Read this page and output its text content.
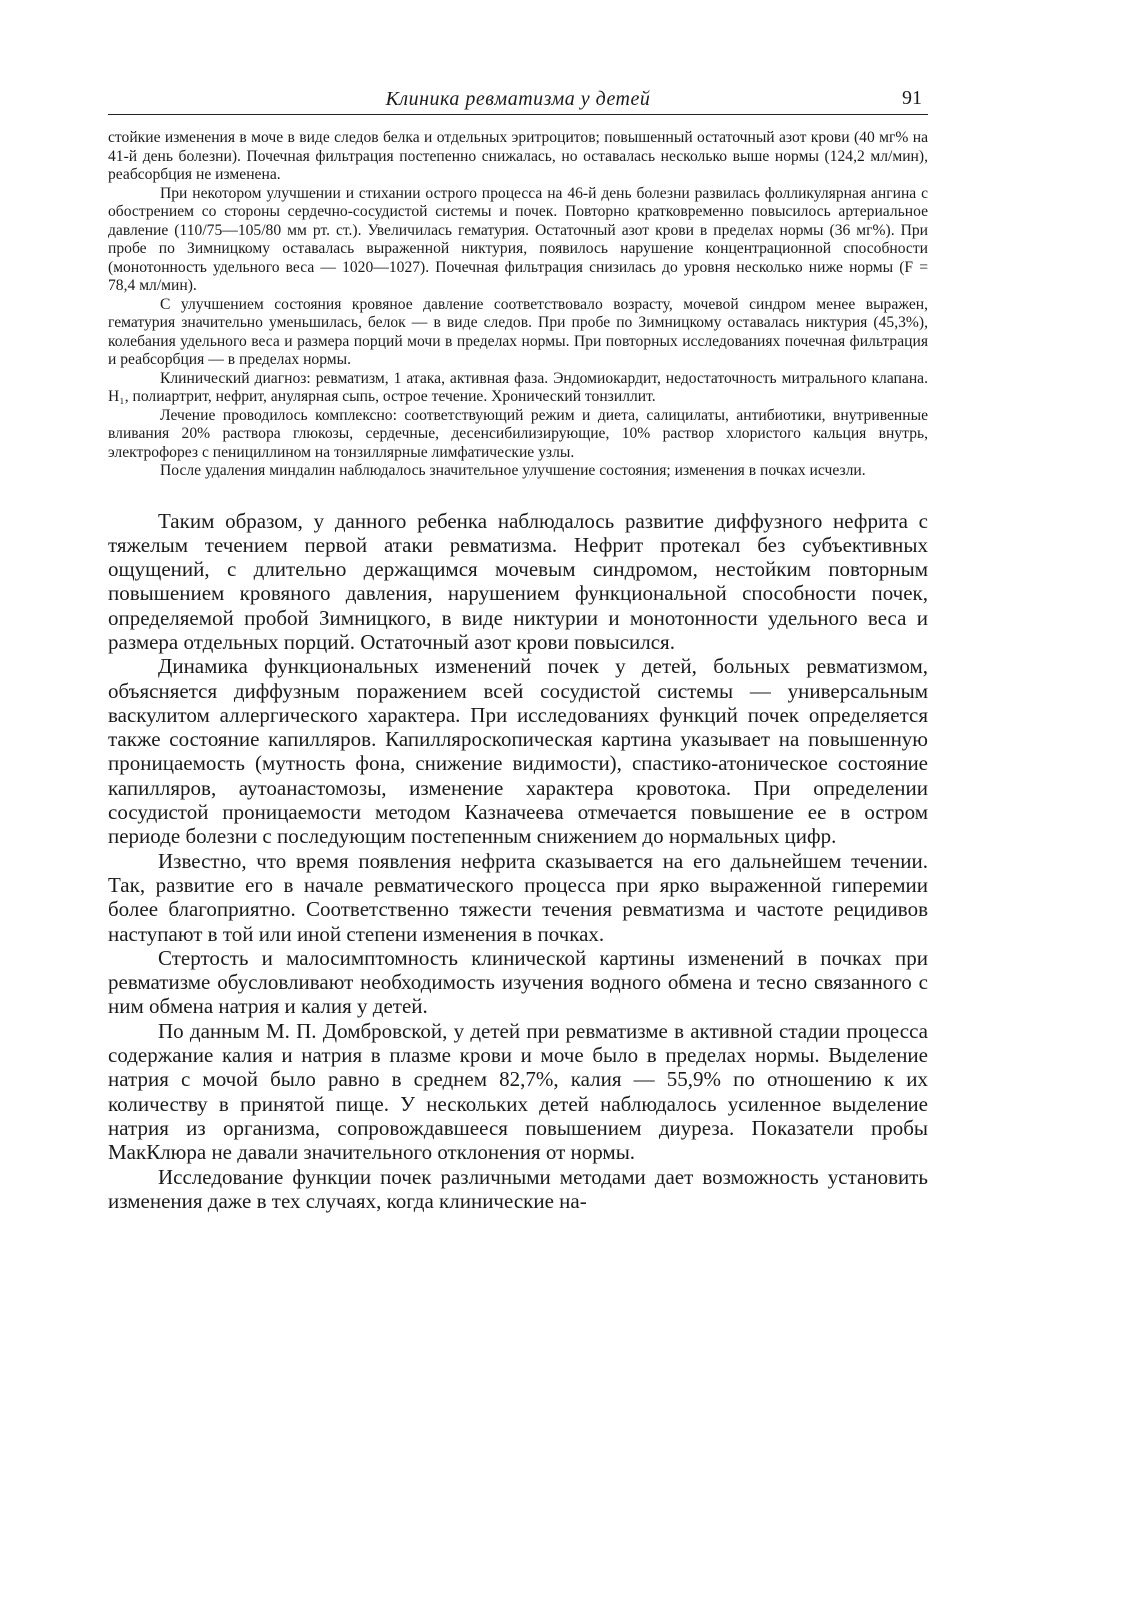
Клиника ревматизма у детей	91

стойкие изменения в моче в виде следов белка и отдельных эритроцитов; повышенный остаточный азот крови (40 мг% на 41-й день болезни). Почечная фильтрация постепенно снижалась, но оставалась несколько выше нормы (124,2 мл/мин), реабсорбция не изменена.

При некотором улучшении и стихании острого процесса на 46-й день болезни развилась фолликулярная ангина с обострением со стороны сердечно-сосудистой системы и почек. Повторно кратковременно повысилось артериальное давление (110/75—105/80 мм рт. ст.). Увеличилась гематурия. Остаточный азот крови в пределах нормы (36 мг%). При пробе по Зимницкому оставалась выраженной никтурия, появилось нарушение концентрационной способности (монотонность удельного веса — 1020—1027). Почечная фильтрация снизилась до уровня несколько ниже нормы (F = 78,4 мл/мин).

С улучшением состояния кровяное давление соответствовало возрасту, мочевой синдром менее выражен, гематурия значительно уменьшилась, белок — в виде следов. При пробе по Зимницкому оставалась никтурия (45,3%), колебания удельного веса и размера порций мочи в пределах нормы. При повторных исследованиях почечная фильтрация и реабсорбция — в пределах нормы.

Клинический диагноз: ревматизм, 1 атака, активная фаза. Эндомиокардит, недостаточность митрального клапана. H₁, полиартрит, нефрит, анулярная сыпь, острое течение. Хронический тонзиллит.

Лечение проводилось комплексно: соответствующий режим и диета, салицилаты, антибиотики, внутривенные вливания 20% раствора глюкозы, сердечные, десенсибилизирующие, 10% раствор хлористого кальция внутрь, электрофорез с пенициллином на тонзиллярные лимфатические узлы.

После удаления миндалин наблюдалось значительное улучшение состояния; изменения в почках исчезли.

Таким образом, у данного ребенка наблюдалось развитие диффузного нефрита с тяжелым течением первой атаки ревматизма. Нефрит протекал без субъективных ощущений, с длительно держащимся мочевым синдромом, нестойким повторным повышением кровяного давления, нарушением функциональной способности почек, определяемой пробой Зимницкого, в виде никтурии и монотонности удельного веса и размера отдельных порций. Остаточный азот крови повысился.

Динамика функциональных изменений почек у детей, больных ревматизмом, объясняется диффузным поражением всей сосудистой системы — универсальным васкулитом аллергического характера. При исследованиях функций почек определяется также состояние капилляров. Капилляроскопическая картина указывает на повышенную проницаемость (мутность фона, снижение видимости), спастико-атоническое состояние капилляров, аутоанастомозы, изменение характера кровотока. При определении сосудистой проницаемости методом Казначеева отмечается повышение ее в остром периоде болезни с последующим постепенным снижением до нормальных цифр.

Известно, что время появления нефрита сказывается на его дальнейшем течении. Так, развитие его в начале ревматического процесса при ярко выраженной гиперемии более благоприятно. Соответственно тяжести течения ревматизма и частоте рецидивов наступают в той или иной степени изменения в почках.

Стертость и малосимптомность клинической картины изменений в почках при ревматизме обусловливают необходимость изучения водного обмена и тесно связанного с ним обмена натрия и калия у детей.

По данным М. П. Домбровской, у детей при ревматизме в активной стадии процесса содержание калия и натрия в плазме крови и моче было в пределах нормы. Выделение натрия с мочой было равно в среднем 82,7%, калия — 55,9% по отношению к их количеству в принятой пище. У нескольких детей наблюдалось усиленное выделение натрия из организма, сопровождавшееся повышением диуреза. Показатели пробы МакКлюра не давали значительного отклонения от нормы.

Исследование функции почек различными методами дает возможность установить изменения даже в тех случаях, когда клинические на-
